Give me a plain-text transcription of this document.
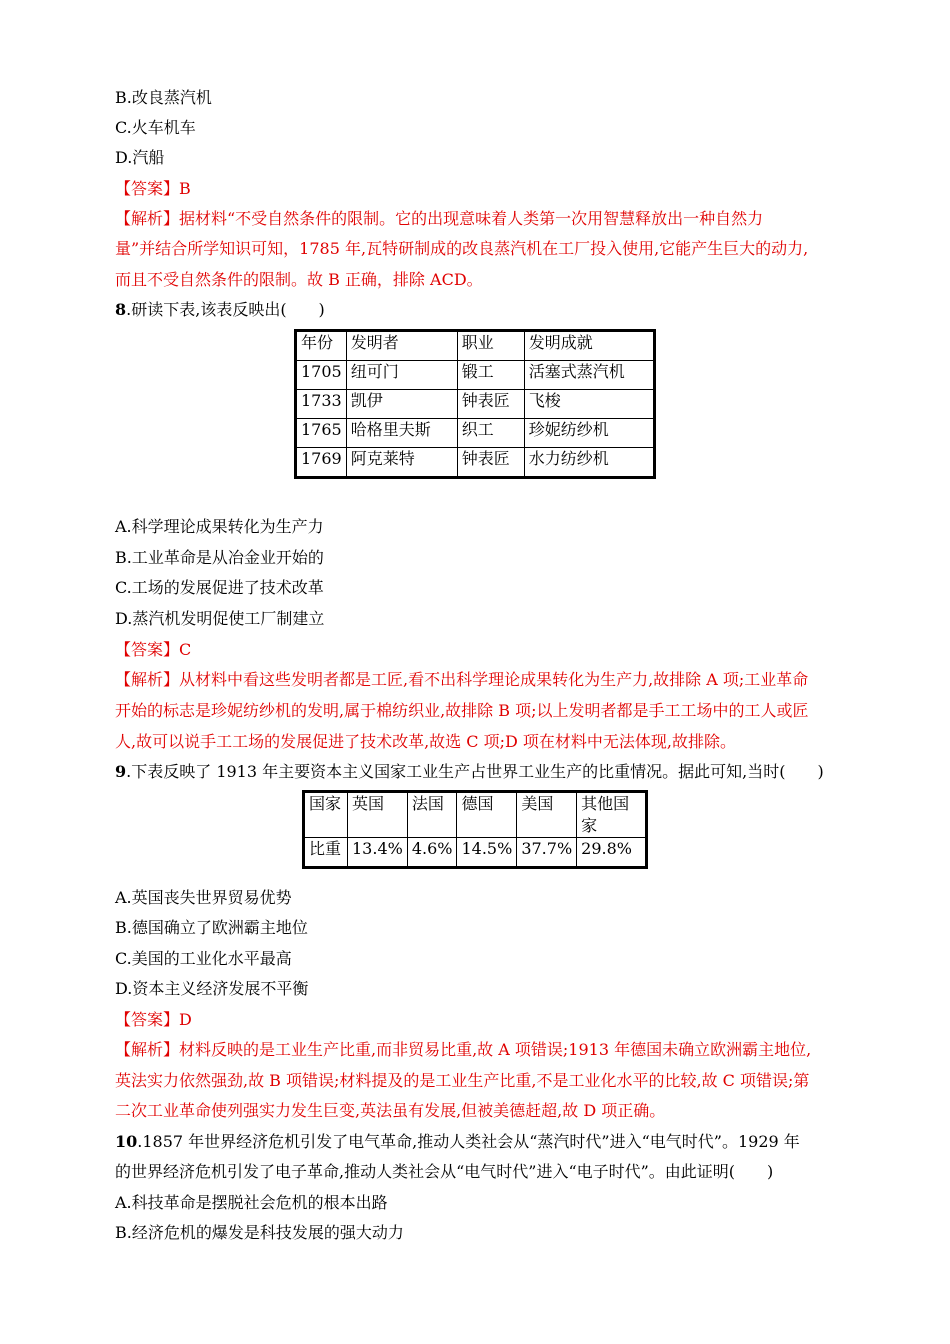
B.改良蒸汽机
C.火车机车
D.汽船
【答案】B
【解析】据材料“不受自然条件的限制。它的出现意味着人类第一次用智慧释放出一种自然力
量”并结合所学知识可知，1785 年,瓦特研制成的改良蒸汽机在工厂投入使用,它能产生巨大的动力,
而且不受自然条件的限制。故 B 正确，排除 ACD。
8.研读下表,该表反映出(　　)
年份	发明者	职业	发明成就
1705	纽可门	锻工	活塞式蒸汽机
1733	凯伊	钟表匠	飞梭
1765	哈格里夫斯	织工	珍妮纺纱机
1769	阿克莱特	钟表匠	水力纺纱机
A.科学理论成果转化为生产力
B.工业革命是从冶金业开始的
C.工场的发展促进了技术改革
D.蒸汽机发明促使工厂制建立
【答案】C
【解析】从材料中看这些发明者都是工匠,看不出科学理论成果转化为生产力,故排除 A 项;工业革命
开始的标志是珍妮纺纱机的发明,属于棉纺织业,故排除 B 项;以上发明者都是手工工场中的工人或匠
人,故可以说手工工场的发展促进了技术改革,故选 C 项;D 项在材料中无法体现,故排除。
9.下表反映了 1913 年主要资本主义国家工业生产占世界工业生产的比重情况。据此可知,当时(　　)
国家	英国	法国	德国	美国	其他国家
比重	13.4%	4.6%	14.5%	37.7%	29.8%
A.英国丧失世界贸易优势
B.德国确立了欧洲霸主地位
C.美国的工业化水平最高
D.资本主义经济发展不平衡
【答案】D
【解析】材料反映的是工业生产比重,而非贸易比重,故 A 项错误;1913 年德国未确立欧洲霸主地位,
英法实力依然强劲,故 B 项错误;材料提及的是工业生产比重,不是工业化水平的比较,故 C 项错误;第
二次工业革命使列强实力发生巨变,英法虽有发展,但被美德赶超,故 D 项正确。
10.1857 年世界经济危机引发了电气革命,推动人类社会从“蒸汽时代”进入“电气时代”。1929 年
的世界经济危机引发了电子革命,推动人类社会从“电气时代”进入“电子时代”。由此证明(　　)
A.科技革命是摆脱社会危机的根本出路
B.经济危机的爆发是科技发展的强大动力
